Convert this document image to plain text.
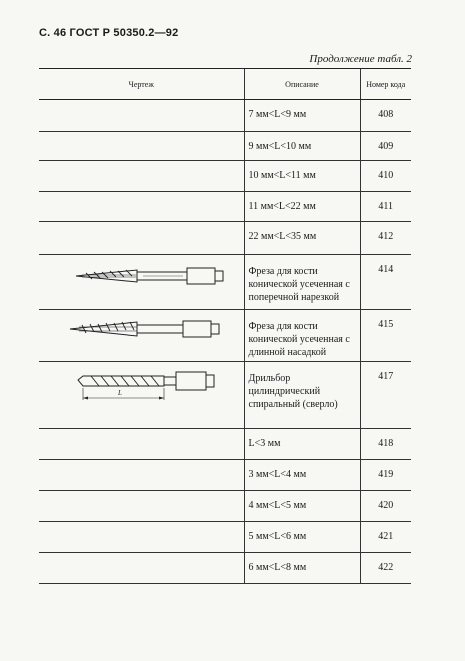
С. 46 ГОСТ Р 50350.2—92
Продолжение табл. 2
Чертеж	Описание	Номер кода
	7 мм<L<9 мм	408
	9 мм<L<10 мм	409
	10 мм<L<11 мм	410
	11 мм<L<22 мм	411
	22 мм<L<35 мм	412

	Фреза для кости конической усеченная с поперечной нарезкой	414

	Фреза для кости конической усеченная с длинной насадкой	415

L	Дрильбор цилиндрический спиральный (сверло)	417
	L<3 мм	418
	3 мм<L<4 мм	419
	4 мм<L<5 мм	420
	5 мм<L<6 мм	421
	6 мм<L<8 мм	422
